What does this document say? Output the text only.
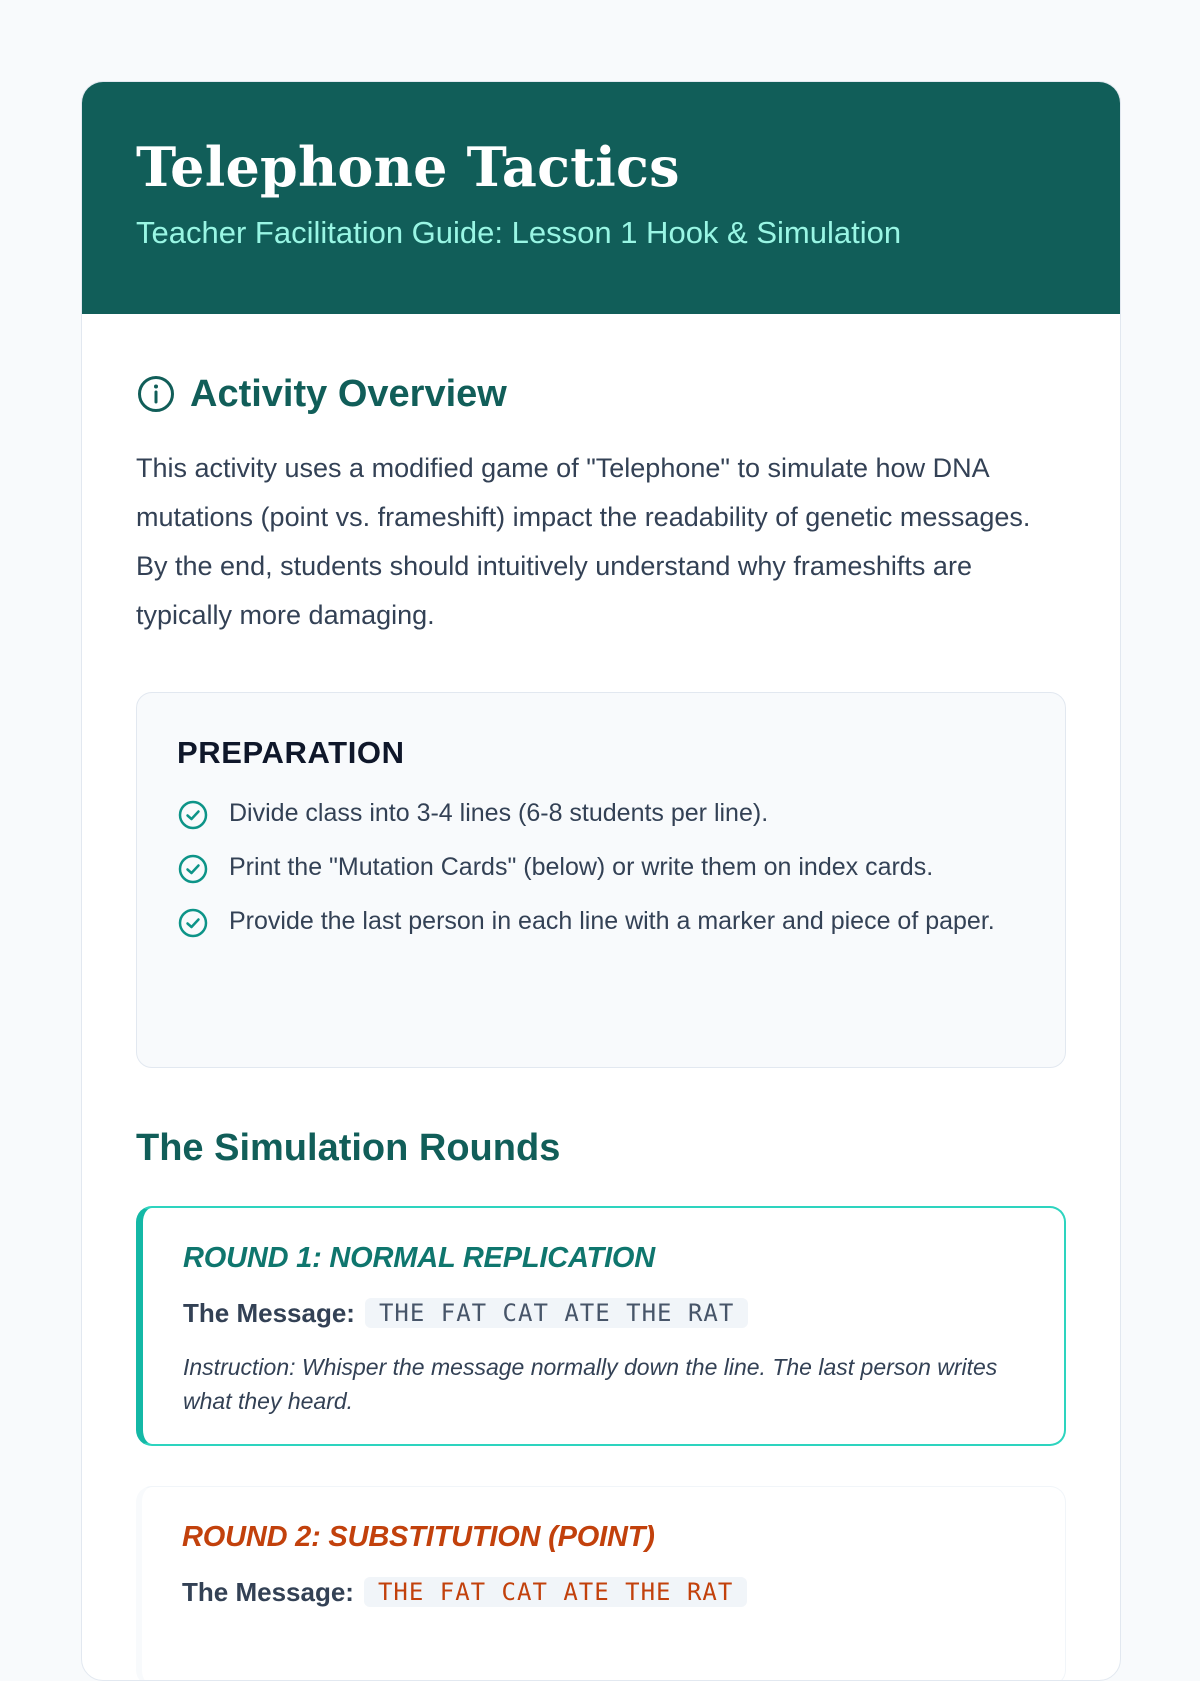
Telephone Tactics
Teacher Facilitation Guide: Lesson 1 Hook & Simulation
Activity Overview

This activity uses a modified game of "Telephone" to simulate how DNA mutations (point vs. frameshift) impact the readability of genetic messages. By the end, students should intuitively understand why frameshifts are typically more damaging.

PREPARATION
Divide class into 3-4 lines (6-8 students per line).
Print the "Mutation Cards" (below) or write them on index cards.
Provide the last person in each line with a marker and piece of paper.
The Simulation Rounds
ROUND 1: NORMAL REPLICATION
The Message:	THE FAT CAT ATE THE RAT

Instruction: Whisper the message normally down the line. The last person writes what they heard.

ROUND 2: SUBSTITUTION (POINT)
The Message:	THE FAT CAT ATE THE RAT
